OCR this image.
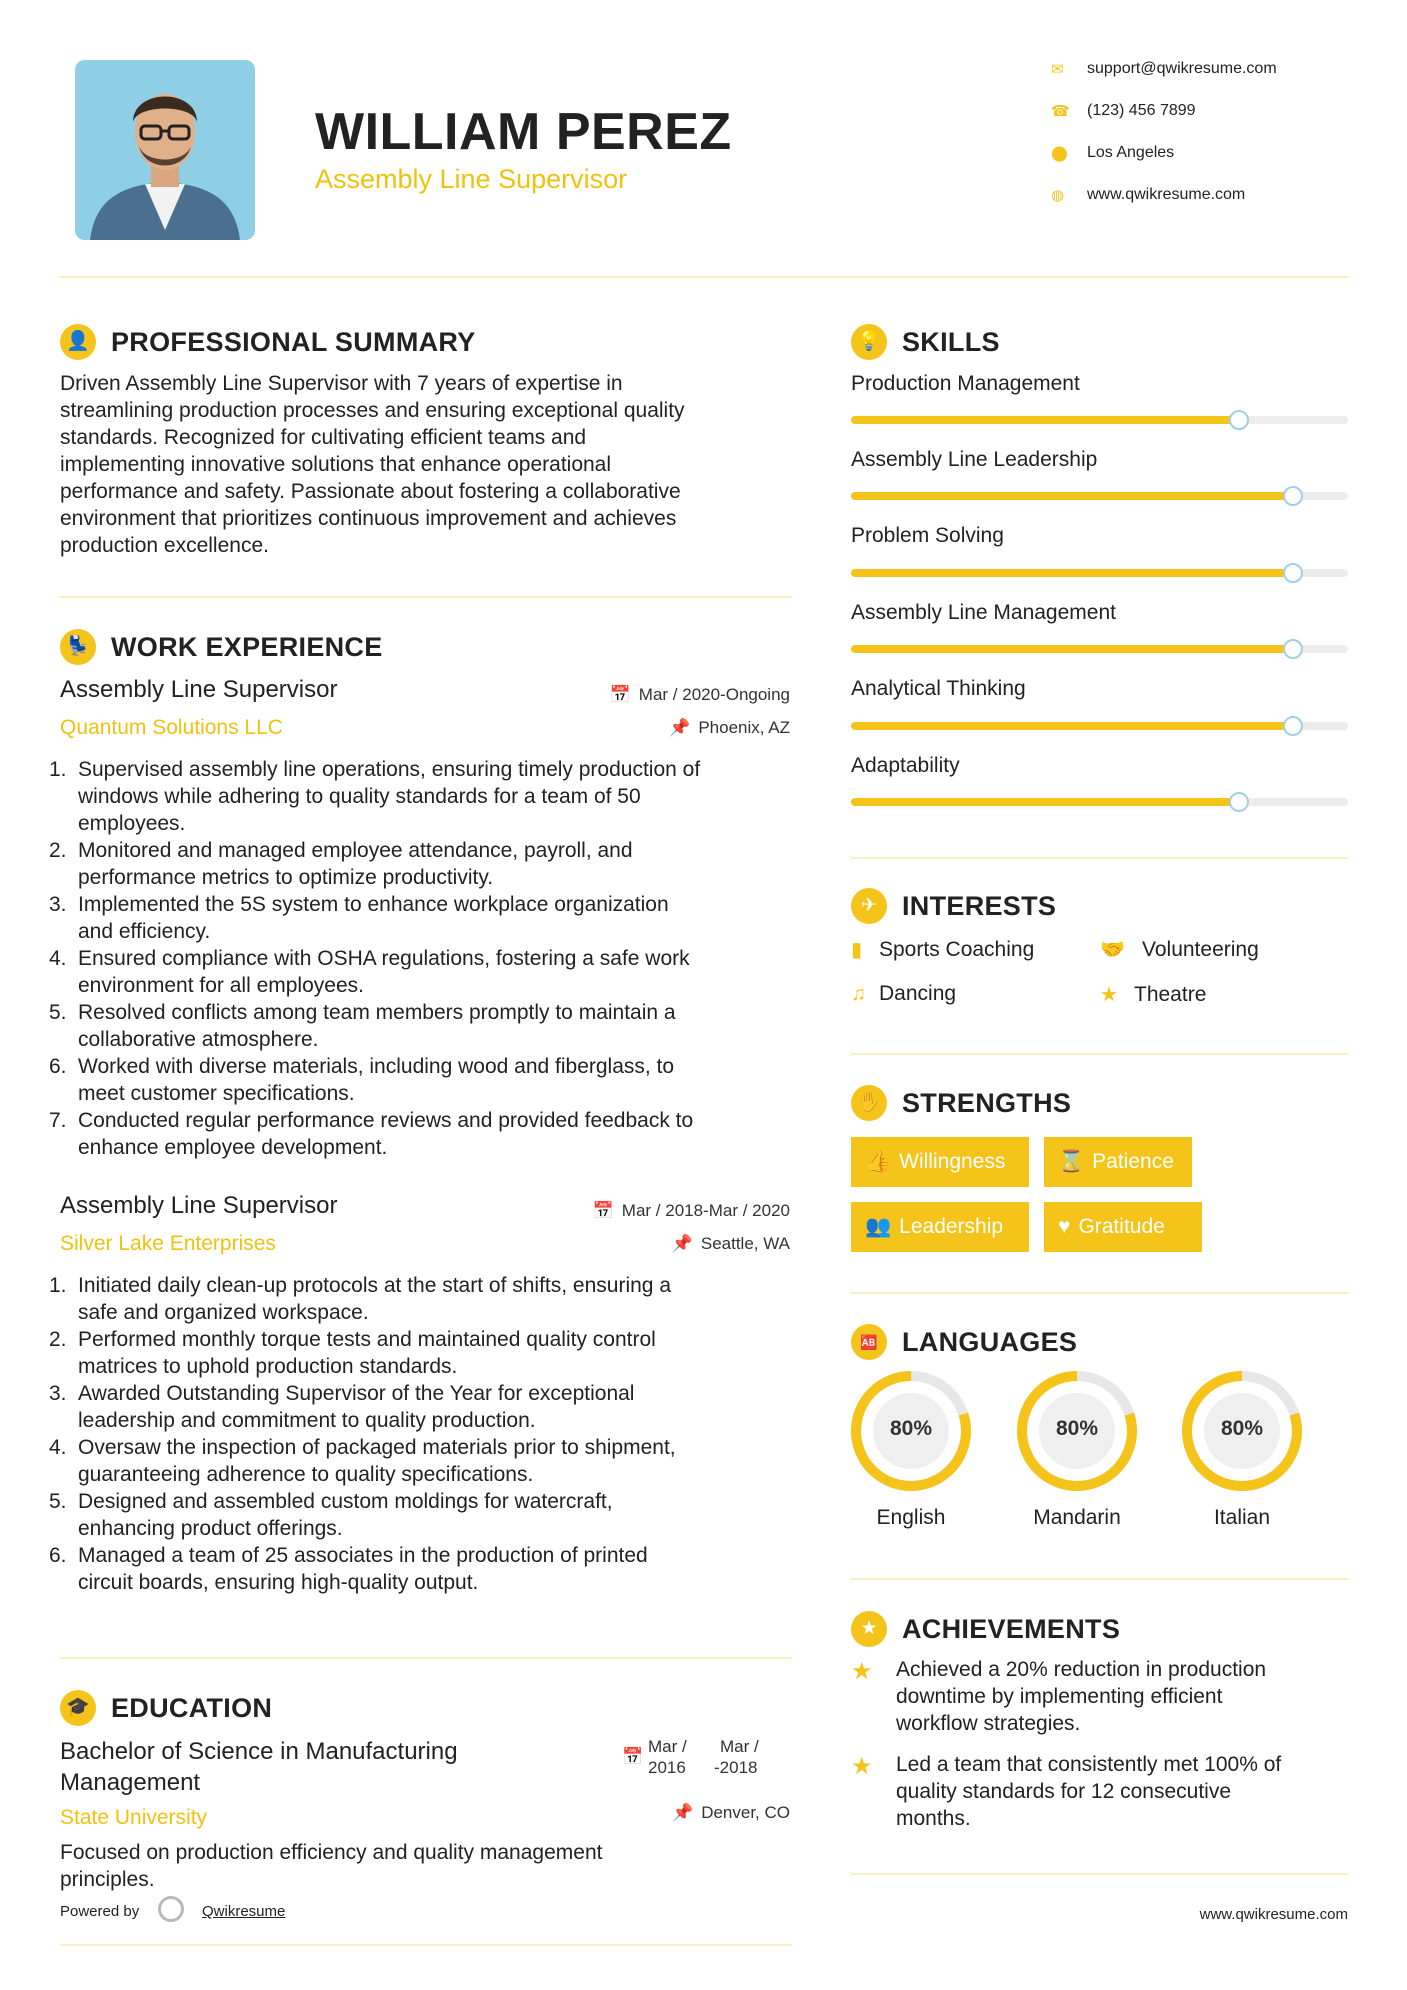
WILLIAM PEREZ
Assembly Line Supervisor
✉ support@qwikresume.com
☎ (123) 456 7899
⬤ Los Angeles
◍ www.qwikresume.com
👤 PROFESSIONAL SUMMARY
Driven Assembly Line Supervisor with 7 years of expertise in
streamlining production processes and ensuring exceptional quality
standards. Recognized for cultivating efficient teams and
implementing innovative solutions that enhance operational
performance and safety. Passionate about fostering a collaborative
environment that prioritizes continuous improvement and achieves
production excellence.
💺 WORK EXPERIENCE
Assembly Line Supervisor
Quantum Solutions LLC
📅 Mar / 2020-Ongoing
📌 Phoenix, AZ
1. Supervised assembly line operations, ensuring timely production of
windows while adhering to quality standards for a team of 50
employees.
2. Monitored and managed employee attendance, payroll, and
performance metrics to optimize productivity.
3. Implemented the 5S system to enhance workplace organization
and efficiency.
4. Ensured compliance with OSHA regulations, fostering a safe work
environment for all employees.
5. Resolved conflicts among team members promptly to maintain a
collaborative atmosphere.
6. Worked with diverse materials, including wood and fiberglass, to
meet customer specifications.
7. Conducted regular performance reviews and provided feedback to
enhance employee development.
Assembly Line Supervisor
Silver Lake Enterprises
📅 Mar / 2018-Mar / 2020
📌 Seattle, WA
1. Initiated daily clean-up protocols at the start of shifts, ensuring a
safe and organized workspace.
2. Performed monthly torque tests and maintained quality control
matrices to uphold production standards.
3. Awarded Outstanding Supervisor of the Year for exceptional
leadership and commitment to quality production.
4. Oversaw the inspection of packaged materials prior to shipment,
guaranteeing adherence to quality specifications.
5. Designed and assembled custom moldings for watercraft,
enhancing product offerings.
6. Managed a team of 25 associates in the production of printed
circuit boards, ensuring high-quality output.
🎓 EDUCATION
Bachelor of Science in Manufacturing
Management
State University
📅
Mar /
2016
Mar /
-2018
📌 Denver, CO
Focused on production efficiency and quality management
principles.
Powered by	Qwikresume	www.qwikresume.com
💡 SKILLS
Production Management
Assembly Line Leadership
Problem Solving
Assembly Line Management
Analytical Thinking
Adaptability
✈ INTERESTS
▮ Sports Coaching	🤝 Volunteering
♫ Dancing	★ Theatre
✋ STRENGTHS
👍 Willingness	⌛ Patience
👥 Leadership	♥ Gratitude
🆎 LANGUAGES
80%
English
80%
Mandarin
80%
Italian
★ ACHIEVEMENTS
★ Achieved a 20% reduction in production
downtime by implementing efficient
workflow strategies.
★ Led a team that consistently met 100% of
quality standards for 12 consecutive
months.
